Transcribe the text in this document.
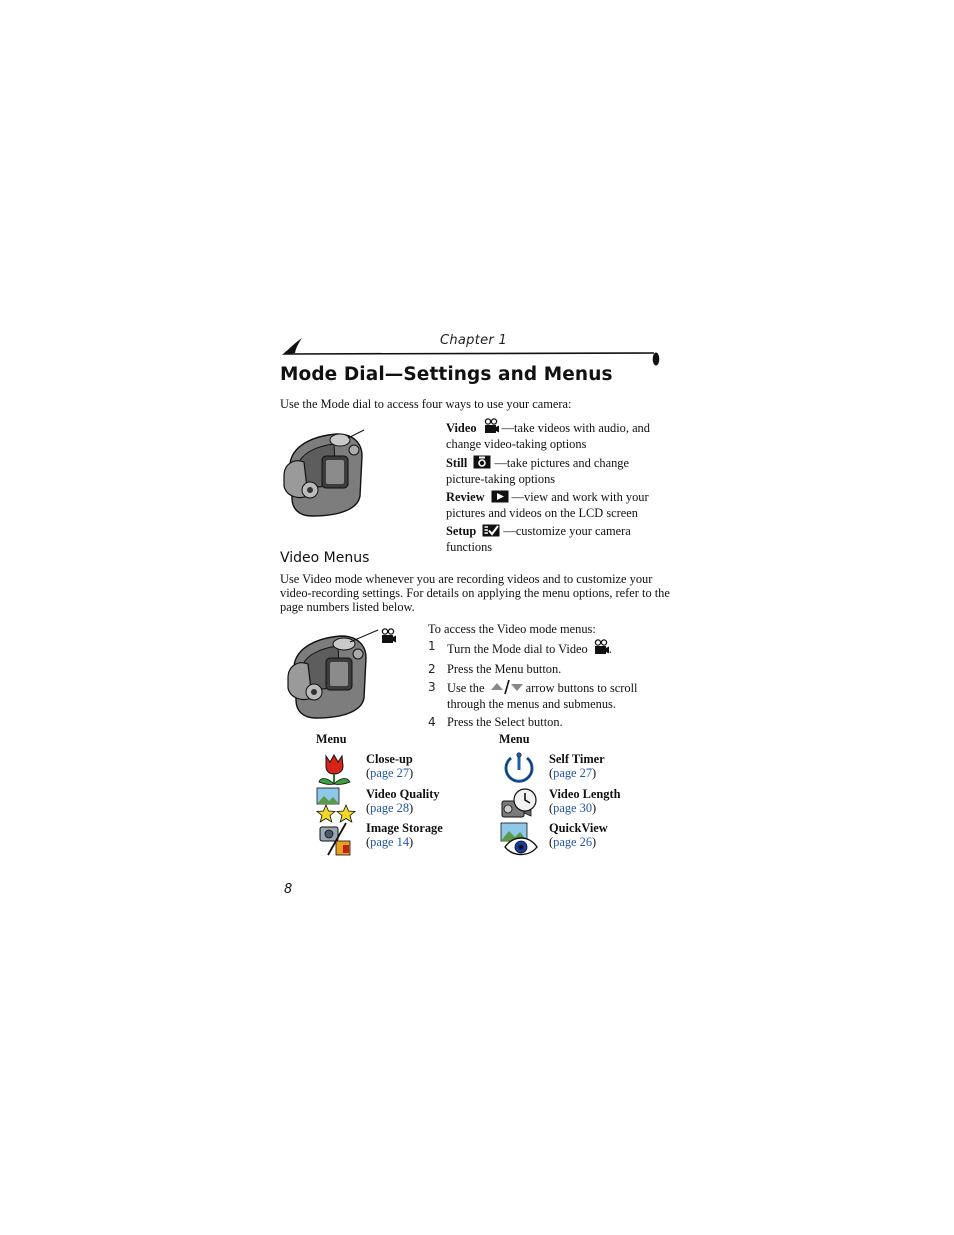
Chapter 1
Mode Dial—Settings and Menus
Use the Mode dial to access four ways to use your camera:
Video —take videos with audio, and
change video-taking options
Still —take pictures and change
picture-taking options
Review —view and work with your
pictures and videos on the LCD screen
Setup —customize your camera
functions
Video Menus
Use Video mode whenever you are recording videos and to customize your
video-recording settings. For details on applying the menu options, refer to the
page numbers listed below.
To access the Video mode menus:
1 Turn the Mode dial to Video .
2 Press the Menu button.
3 Use the	arrow buttons to scroll
through the menus and submenus.
4 Press the Select button.
Menu	Menu
Close-up
(page 27)
Video Quality
(page 28)
Image Storage
(page 14)
Self Timer
(page 27)
Video Length
(page 30)
QuickView
(page 26)
8
